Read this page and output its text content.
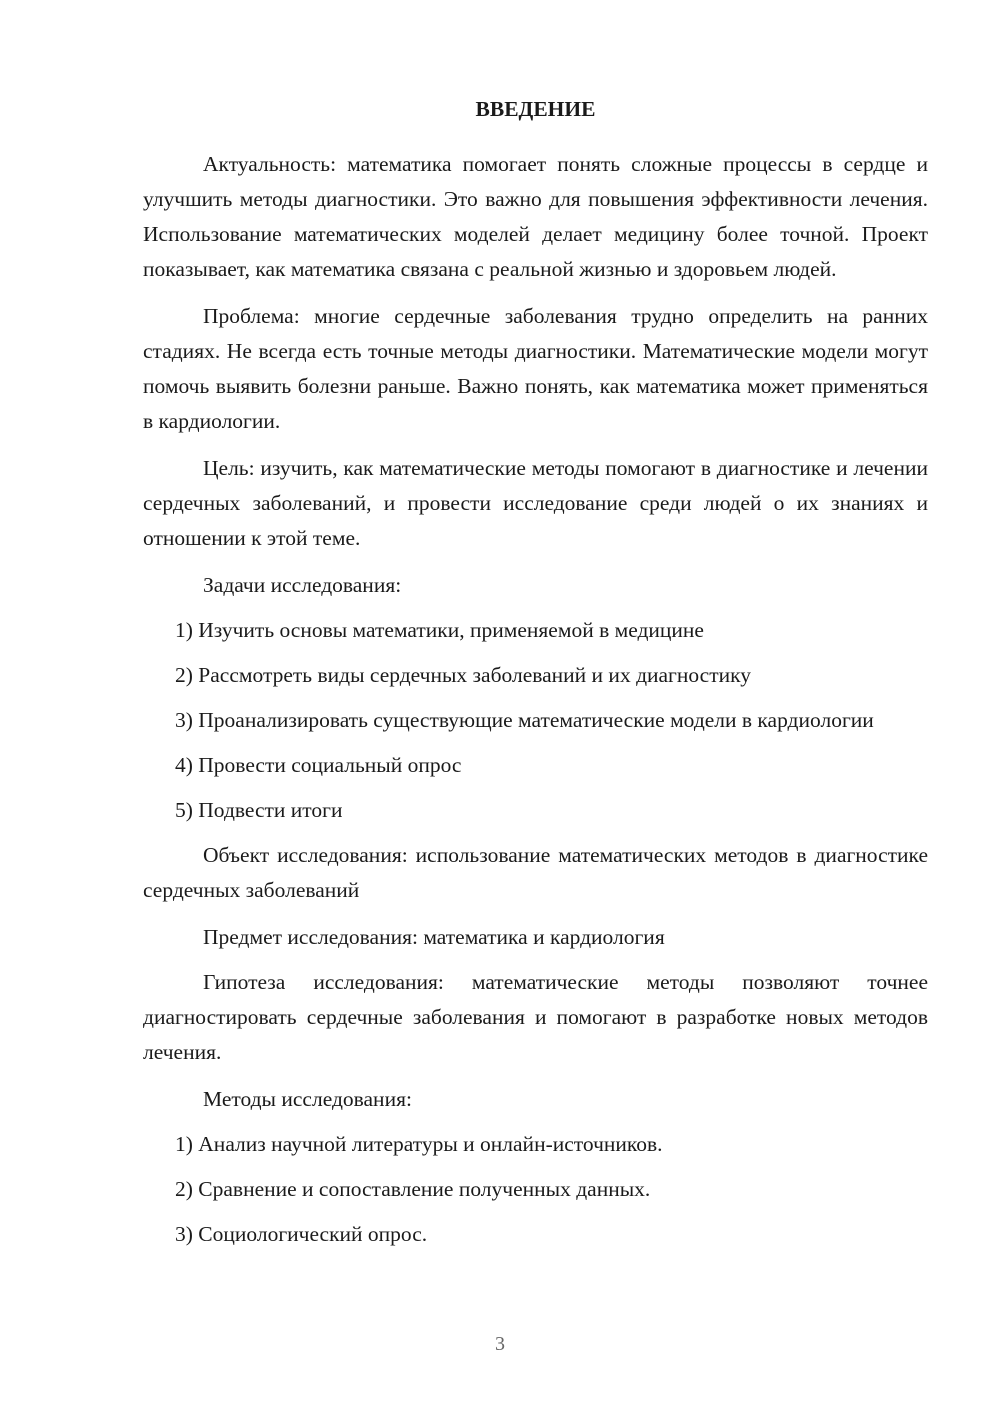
ВВЕДЕНИЕ

Актуальность: математика помогает понять сложные процессы в сердце и улучшить методы диагностики. Это важно для повышения эффективности лечения. Использование математических моделей делает медицину более точной. Проект показывает, как математика связана с реальной жизнью и здоровьем людей.

Проблема: многие сердечные заболевания трудно определить на ранних стадиях. Не всегда есть точные методы диагностики. Математические модели могут помочь выявить болезни раньше. Важно понять, как математика может применяться в кардиологии.

Цель: изучить, как математические методы помогают в диагностике и лечении сердечных заболеваний, и провести исследование среди людей о их знаниях и отношении к этой теме.

Задачи исследования:

1) Изучить основы математики, применяемой в медицине

2) Рассмотреть виды сердечных заболеваний и их диагностику

3) Проанализировать существующие математические модели в кардиологии

4) Провести социальный опрос

5) Подвести итоги

Объект исследования: использование математических методов в диагностике сердечных заболеваний

Предмет исследования: математика и кардиология

Гипотеза исследования: математические методы позволяют точнее диагностировать сердечные заболевания и помогают в разработке новых методов лечения.

Методы исследования:

1) Анализ научной литературы и онлайн-источников.

2) Сравнение и сопоставление полученных данных.

3) Социологический опрос.

3
